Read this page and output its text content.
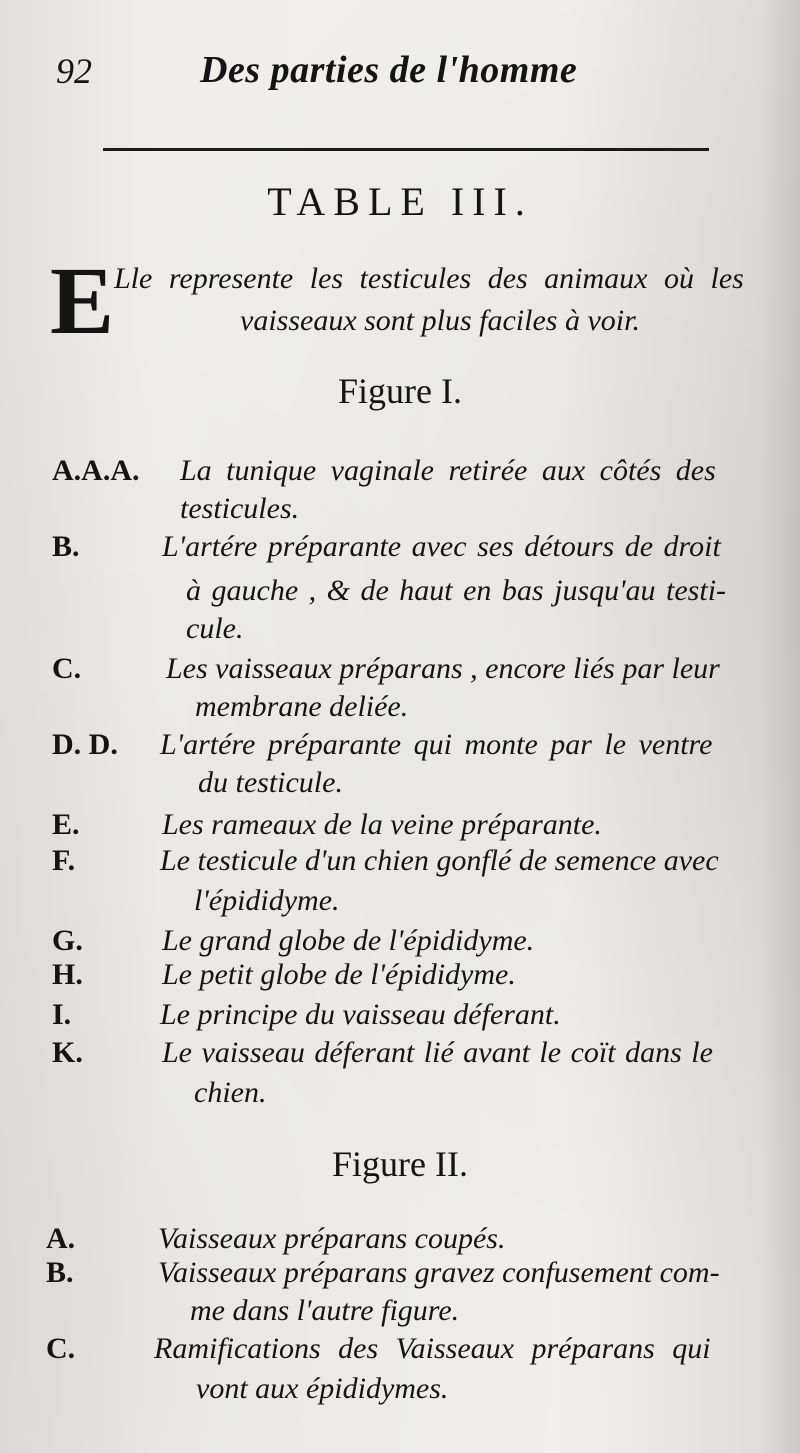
92	Des parties de l'homme
TABLE III.
E Lle represente les testicules des animaux où les
vaisseaux sont plus faciles à voir.
Figure I.
A.A.A. La tunique vaginale retirée aux côtés des
testicules.
B.	L'artére préparante avec ses détours de droit
à gauche , & de haut en bas jusqu'au testi-
cule.
C.	Les vaisseaux préparans , encore liés par leur
membrane deliée.
D. D. L'artére préparante qui monte par le ventre
du testicule.
E.	Les rameaux de la veine préparante.
F.	Le testicule d'un chien gonflé de semence avec
l'épididyme.
G.	Le grand globe de l'épididyme.
H.	Le petit globe de l'épididyme.
I.	Le principe du vaisseau déferant.
K.	Le vaisseau déferant lié avant le coït dans le
chien.
Figure II.
A.	Vaisseaux préparans coupés.
B.	Vaisseaux préparans gravez confusement com-
me dans l'autre figure.
C.	Ramifications des Vaisseaux préparans qui
vont aux épididymes.
